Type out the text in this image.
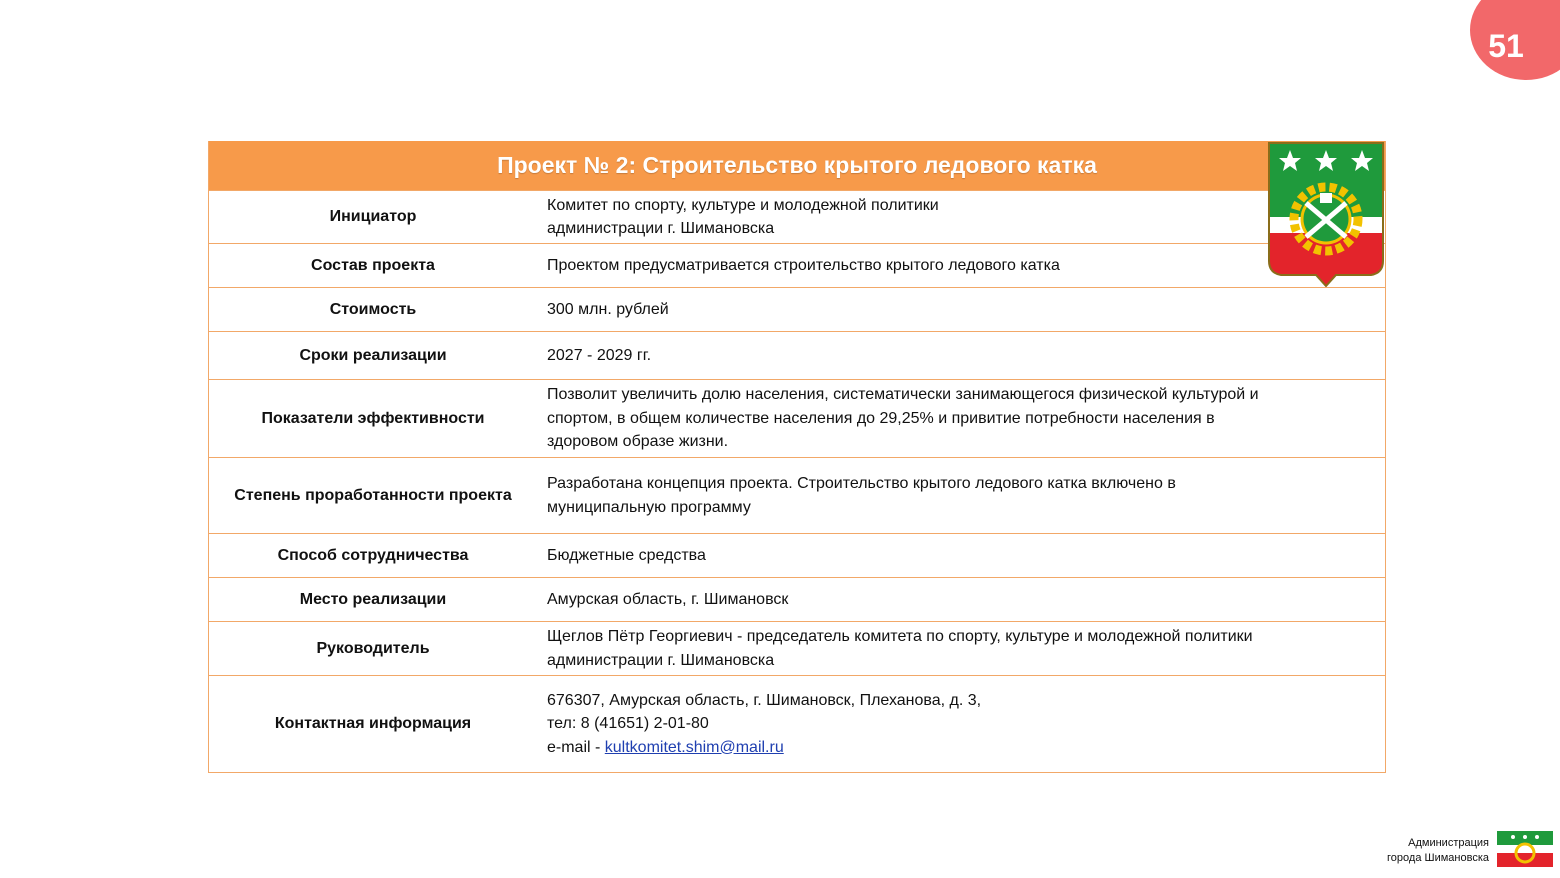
51
Проект № 2: Строительство крытого ледового катка
Инициатор	Комитет по спорту, культуре и молодежной политики
администрации г. Шимановска

Состав проекта	Проектом предусматривается строительство крытого ледового катка

Стоимость	300 млн. рублей

Сроки реализации	2027 - 2029 гг.

Показатели эффективности	Позволит увеличить долю населения, систематически занимающегося физической культурой и
спортом, в общем количестве населения до 29,25% и привитие потребности населения в
здоровом образе жизни.

Степень проработанности проекта	Разработана концепция проекта. Строительство крытого ледового катка включено в
муниципальную программу

Способ сотрудничества	Бюджетные средства

Место реализации	Амурская область, г. Шимановск

Руководитель	Щеглов Пётр Георгиевич - председатель комитета по спорту, культуре и молодежной политики
администрации г. Шимановска

Контактная информация	676307, Амурская область, г. Шимановск, Плеханова, д. 3,
тел: 8 (41651) 2-01-80
e-mail - kultkomitet.shim@mail.ru
Администрация
города Шимановска
